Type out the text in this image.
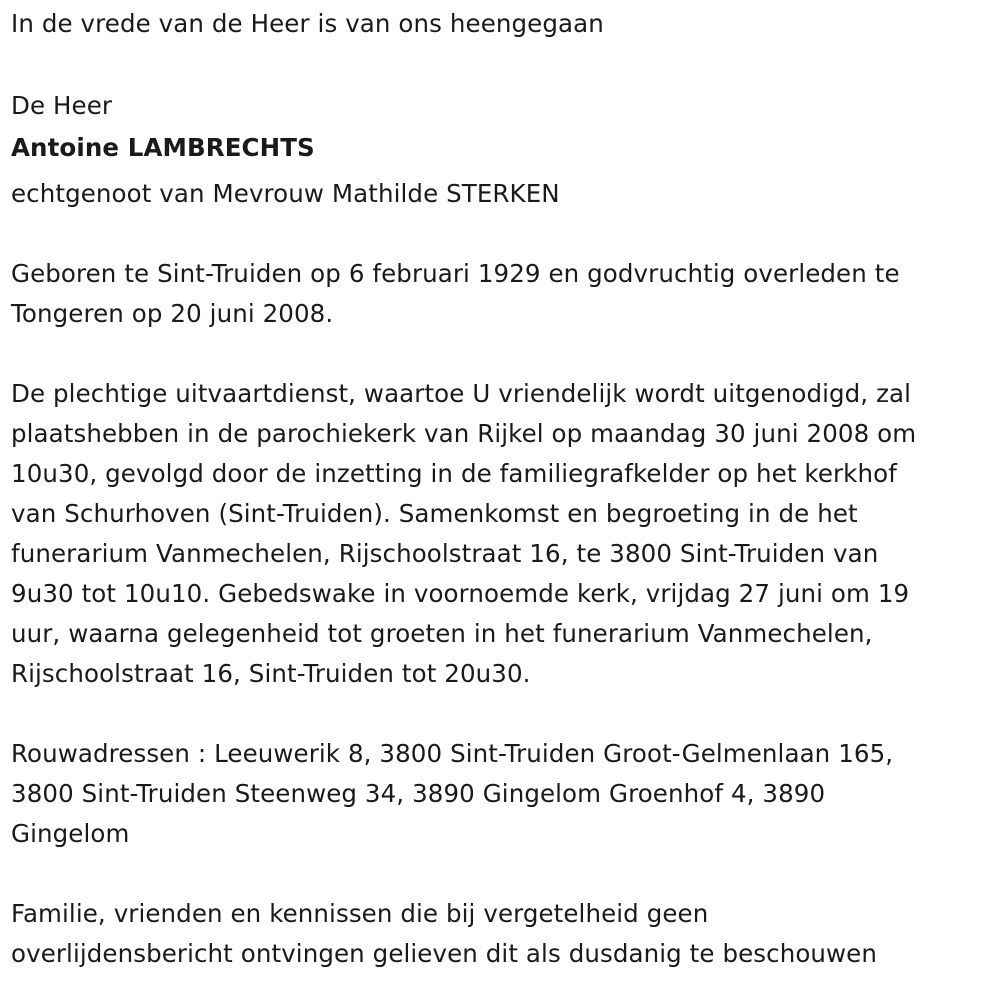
In de vrede van de Heer is van ons heengegaan

De Heer

Antoine LAMBRECHTS

echtgenoot van Mevrouw Mathilde STERKEN

Geboren te Sint-Truiden op 6 februari 1929 en godvruchtig overleden te
Tongeren op 20 juni 2008.

De plechtige uitvaartdienst, waartoe U vriendelijk wordt uitgenodigd, zal
plaatshebben in de parochiekerk van Rijkel op maandag 30 juni 2008 om
10u30, gevolgd door de inzetting in de familiegrafkelder op het kerkhof
van Schurhoven (Sint-Truiden). Samenkomst en begroeting in de het
funerarium Vanmechelen, Rijschoolstraat 16, te 3800 Sint-Truiden van
9u30 tot 10u10. Gebedswake in voornoemde kerk, vrijdag 27 juni om 19
uur, waarna gelegenheid tot groeten in het funerarium Vanmechelen,
Rijschoolstraat 16, Sint-Truiden tot 20u30.

Rouwadressen : Leeuwerik 8, 3800 Sint-Truiden Groot-Gelmenlaan 165,
3800 Sint-Truiden Steenweg 34, 3890 Gingelom Groenhof 4, 3890
Gingelom

Familie, vrienden en kennissen die bij vergetelheid geen
overlijdensbericht ontvingen gelieven dit als dusdanig te beschouwen
